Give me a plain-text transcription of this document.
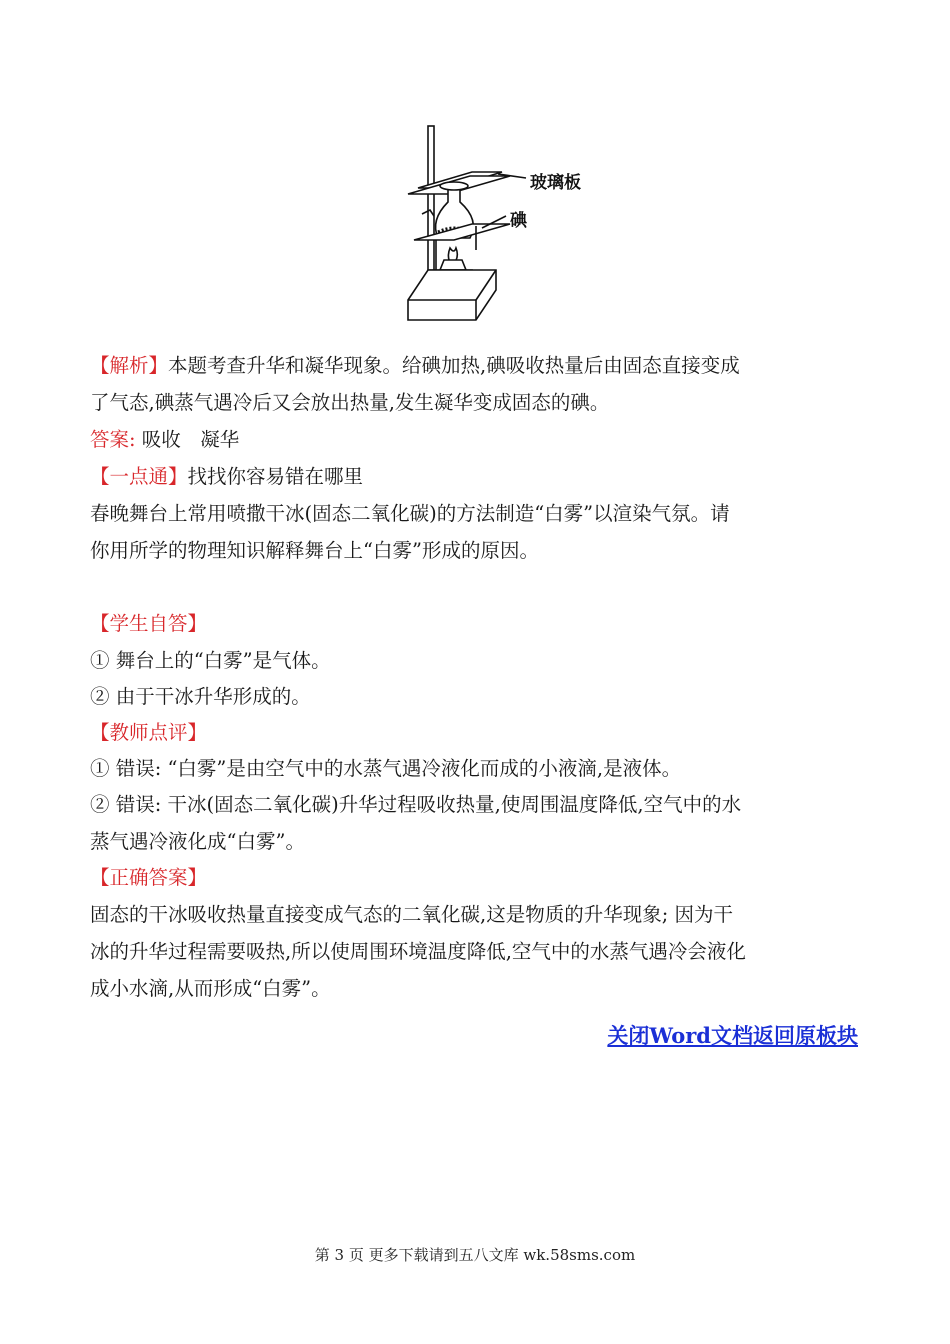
玻璃板
碘
【解析】本题考查升华和凝华现象。给碘加热,碘吸收热量后由固态直接变成
了气态,碘蒸气遇冷后又会放出热量,发生凝华变成固态的碘。
答案: 吸收　凝华
【一点通】找找你容易错在哪里
春晚舞台上常用喷撒干冰(固态二氧化碳)的方法制造“白雾”以渲染气氛。请
你用所学的物理知识解释舞台上“白雾”形成的原因。
【学生自答】
① 舞台上的“白雾”是气体。
② 由于干冰升华形成的。
【教师点评】
① 错误: “白雾”是由空气中的水蒸气遇冷液化而成的小液滴,是液体。
② 错误: 干冰(固态二氧化碳)升华过程吸收热量,使周围温度降低,空气中的水
蒸气遇冷液化成“白雾”。
【正确答案】
固态的干冰吸收热量直接变成气态的二氧化碳,这是物质的升华现象; 因为干
冰的升华过程需要吸热,所以使周围环境温度降低,空气中的水蒸气遇冷会液化
成小水滴,从而形成“白雾”。
关闭Word文档返回原板块
第 3 页 更多下载请到五八文库 wk.58sms.com
